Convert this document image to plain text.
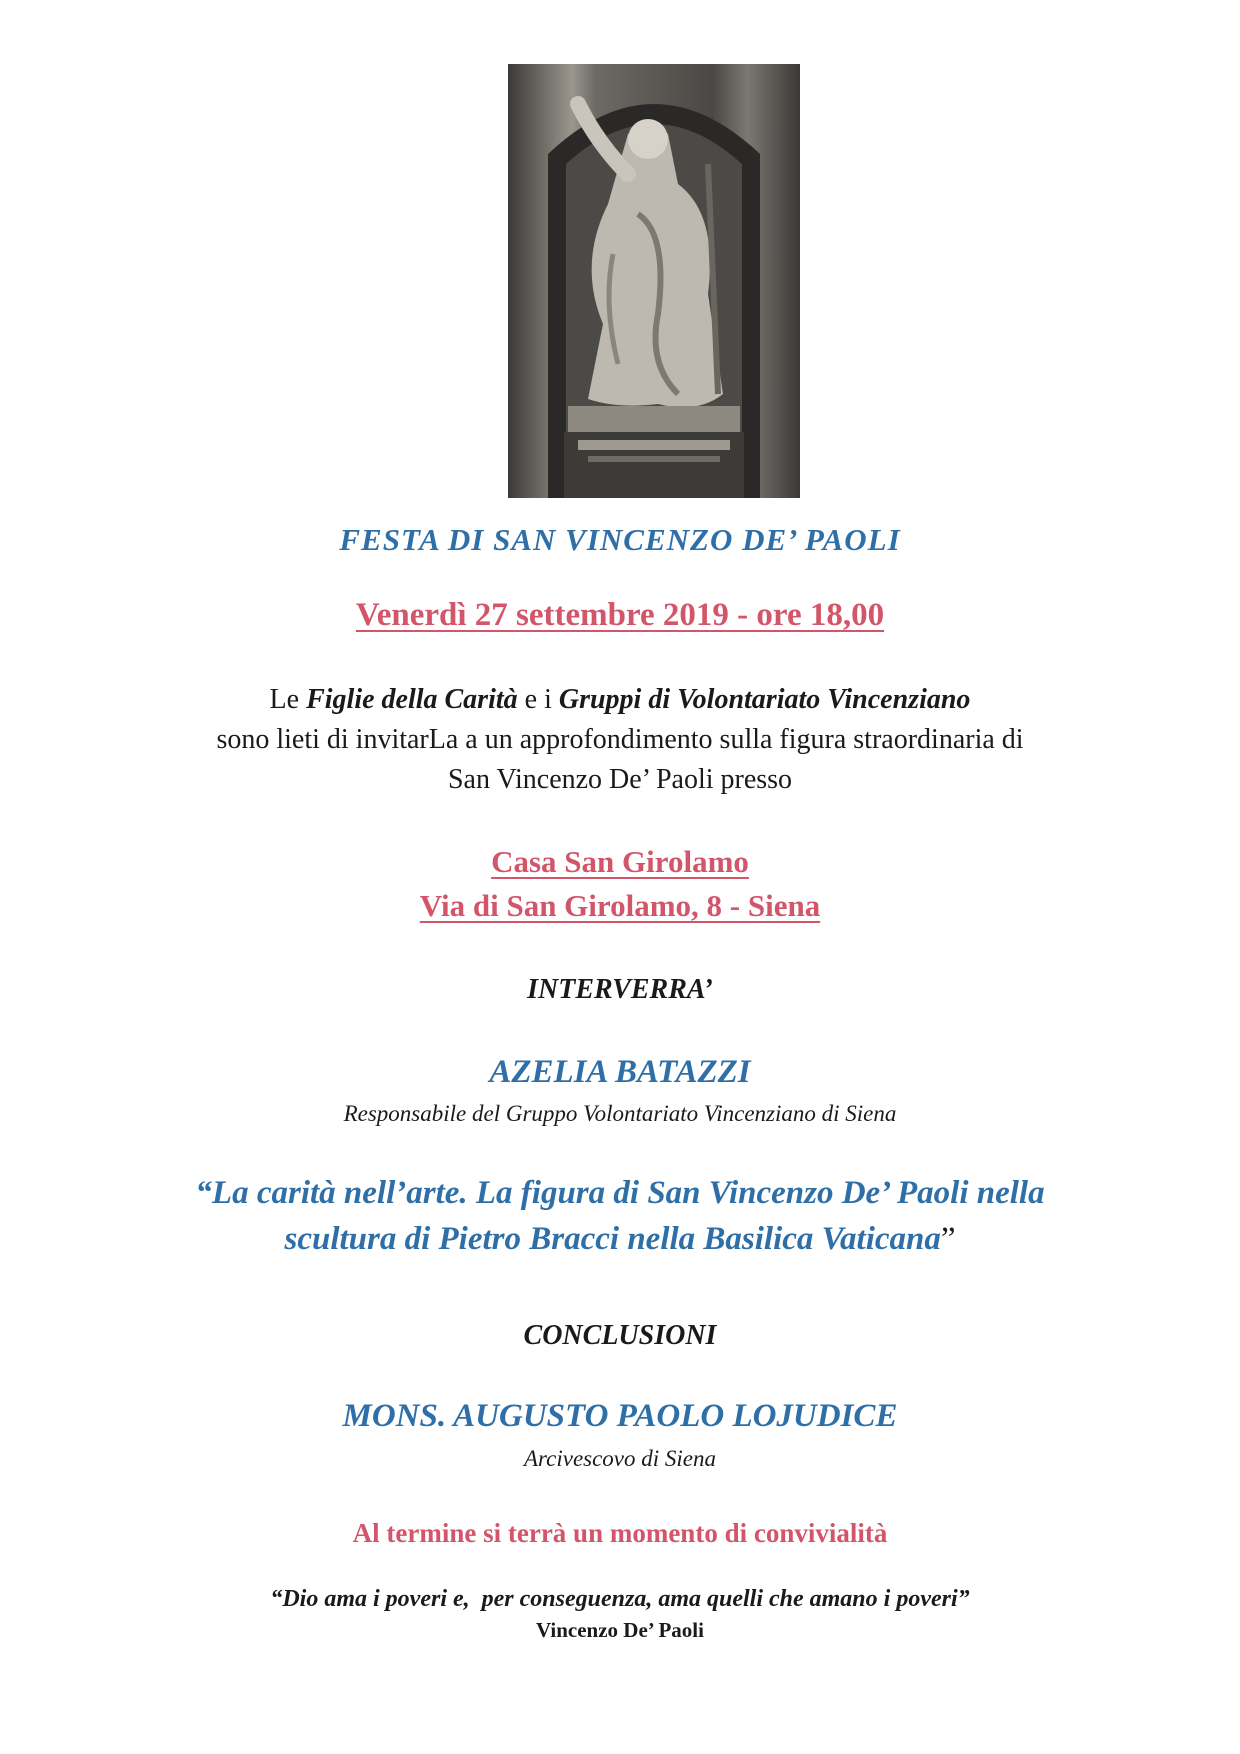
FESTA DI SAN VINCENZO DE’ PAOLI
Venerdì 27 settembre 2019 - ore 18,00
Le Figlie della Carità e i Gruppi di Volontariato Vincenziano
sono lieti di invitarLa a un approfondimento sulla figura straordinaria di
San Vincenzo De’ Paoli presso
Casa San Girolamo
Via di San Girolamo, 8 - Siena
INTERVERRA’
AZELIA BATAZZI
Responsabile del Gruppo Volontariato Vincenziano di Siena
“La carità nell’arte. La figura di San Vincenzo De’ Paoli nella
scultura di Pietro Bracci nella Basilica Vaticana”
CONCLUSIONI
MONS. AUGUSTO PAOLO LOJUDICE
Arcivescovo di Siena
Al termine si terrà un momento di convivialità
“Dio ama i poveri e,  per conseguenza, ama quelli che amano i poveri”
Vincenzo De’ Paoli
